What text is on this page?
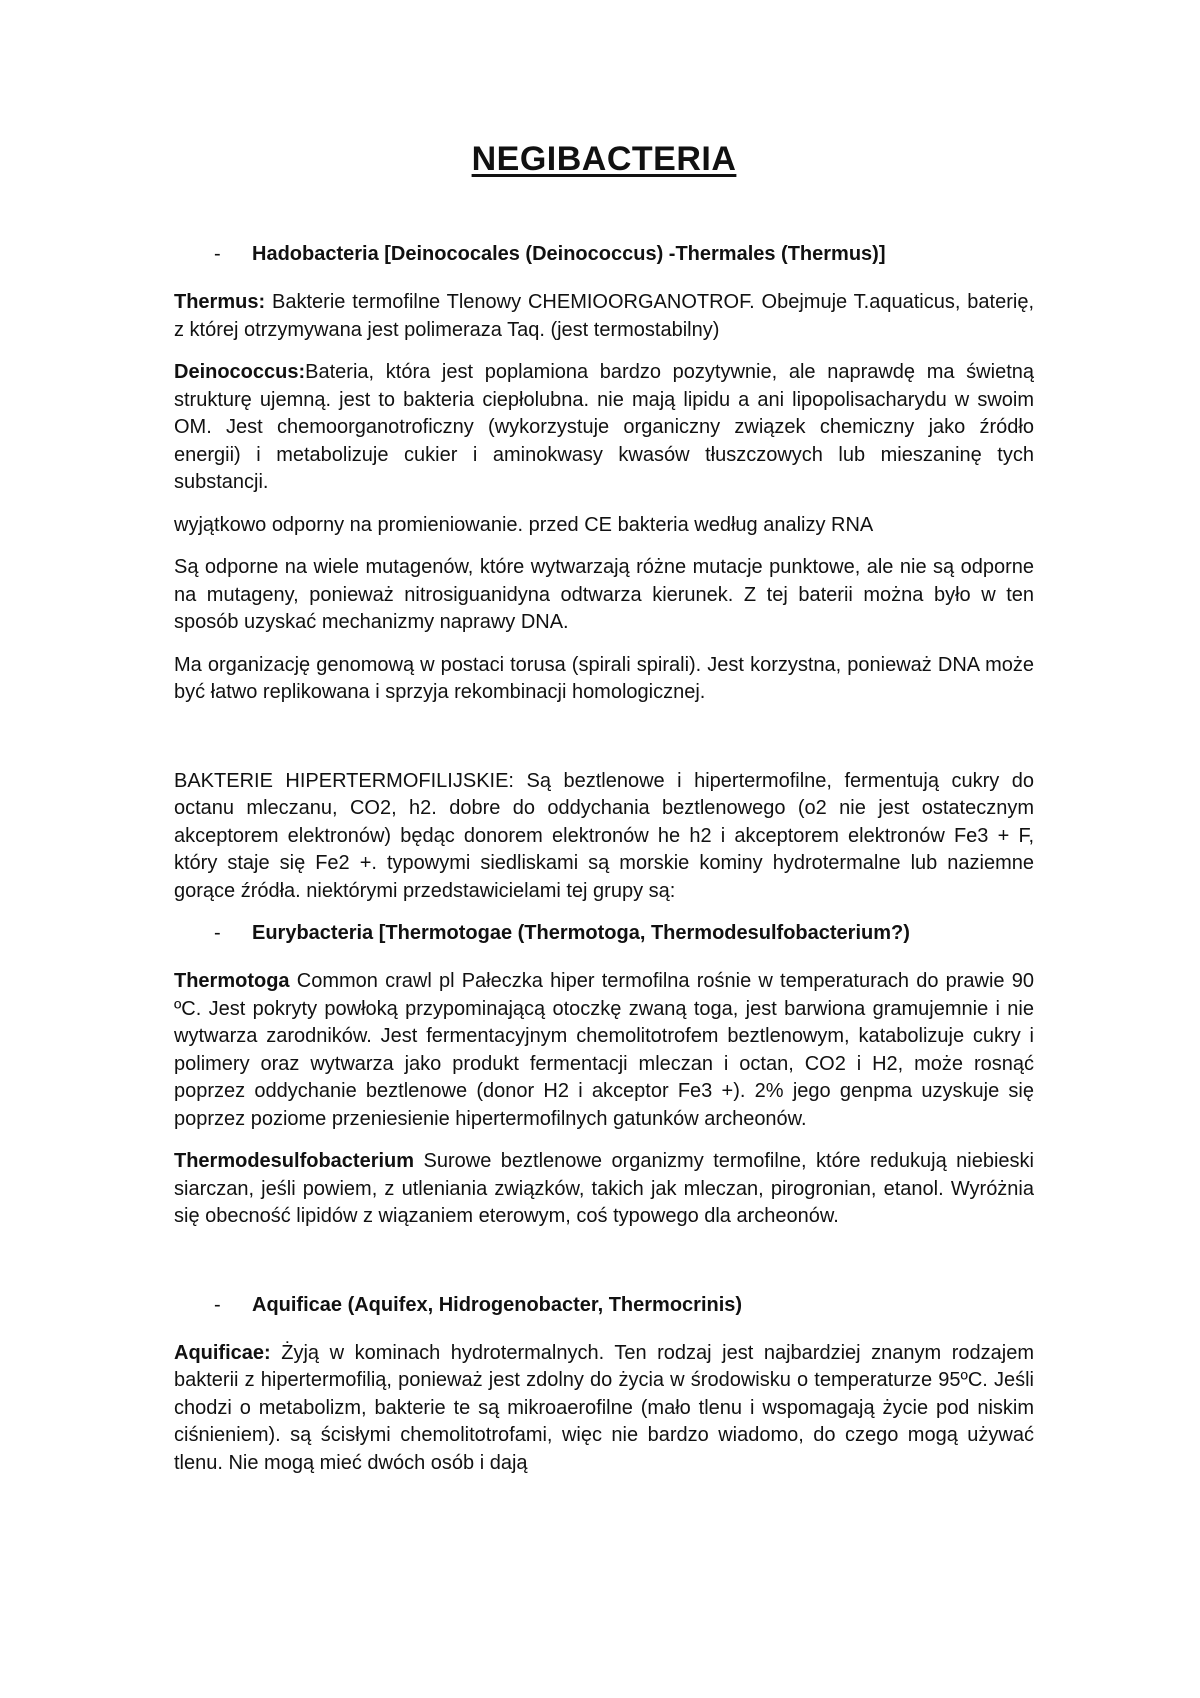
NEGIBACTERIA
-	Hadobacteria [Deinococales (Deinococcus) -Thermales (Thermus)]

Thermus: Bakterie termofilne Tlenowy CHEMIOORGANOTROF. Obejmuje T.aquaticus, baterię, z której otrzymywana jest polimeraza Taq. (jest termostabilny)

Deinococcus:Bateria, która jest poplamiona bardzo pozytywnie, ale naprawdę ma świetną strukturę ujemną. jest to bakteria ciepłolubna. nie mają lipidu a ani lipopolisacharydu w swoim OM. Jest chemoorganotroficzny (wykorzystuje organiczny związek chemiczny jako źródło energii) i metabolizuje cukier i aminokwasy kwasów tłuszczowych lub mieszaninę tych substancji.

wyjątkowo odporny na promieniowanie. przed CE bakteria według analizy RNA

Są odporne na wiele mutagenów, które wytwarzają różne mutacje punktowe, ale nie są odporne na mutageny, ponieważ nitrosiguanidyna odtwarza kierunek. Z tej baterii można było w ten sposób uzyskać mechanizmy naprawy DNA.

Ma organizację genomową w postaci torusa (spirali spirali). Jest korzystna, ponieważ DNA może być łatwo replikowana i sprzyja rekombinacji homologicznej.

BAKTERIE HIPERTERMOFILIJSKIE: Są beztlenowe i hipertermofilne, fermentują cukry do octanu mleczanu, CO2, h2. dobre do oddychania beztlenowego (o2 nie jest ostatecznym akceptorem elektronów) będąc donorem elektronów he h2 i akceptorem elektronów Fe3 + F, który staje się Fe2 +. typowymi siedliskami są morskie kominy hydrotermalne lub naziemne gorące źródła. niektórymi przedstawicielami tej grupy są:

-	Eurybacteria [Thermotogae (Thermotoga, Thermodesulfobacterium?)

Thermotoga Common crawl pl Pałeczka hiper termofilna rośnie w temperaturach do prawie 90 ºC. Jest pokryty powłoką przypominającą otoczkę zwaną toga, jest barwiona gramujemnie i nie wytwarza zarodników. Jest fermentacyjnym chemolitotrofem beztlenowym, katabolizuje cukry i polimery oraz wytwarza jako produkt fermentacji mleczan i octan, CO2 i H2, może rosnąć poprzez oddychanie beztlenowe (donor H2 i akceptor Fe3 +). 2% jego genpma uzyskuje się poprzez poziome przeniesienie hipertermofilnych gatunków archeonów.

Thermodesulfobacterium Surowe beztlenowe organizmy termofilne, które redukują niebieski siarczan, jeśli powiem, z utleniania związków, takich jak mleczan, pirogronian, etanol. Wyróżnia się obecność lipidów z wiązaniem eterowym, coś typowego dla archeonów.

-	Aquificae (Aquifex, Hidrogenobacter, Thermocrinis)

Aquificae: Żyją w kominach hydrotermalnych. Ten rodzaj jest najbardziej znanym rodzajem bakterii z hipertermofilią, ponieważ jest zdolny do życia w środowisku o temperaturze 95ºC. Jeśli chodzi o metabolizm, bakterie te są mikroaerofilne (mało tlenu i wspomagają życie pod niskim ciśnieniem). są ścisłymi chemolitotrofami, więc nie bardzo wiadomo, do czego mogą używać tlenu. Nie mogą mieć dwóch osób i dają
